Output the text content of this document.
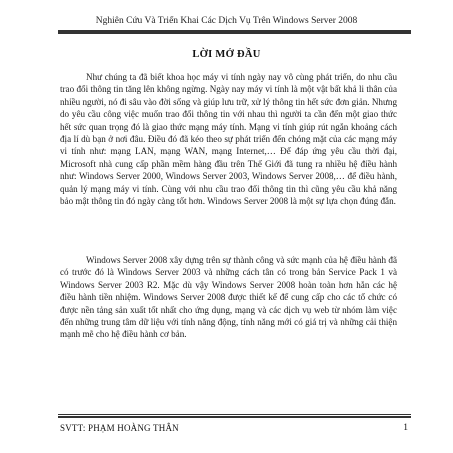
Nghiên Cứu Và Triển Khai Các Dịch Vụ Trên Windows Server 2008
LỜI MỞ ĐẦU

Như chúng ta đã biết khoa học máy vi tính ngày nay vô cùng phát triển, do nhu cầu trao đổi thông tin tăng lên không ngừng. Ngày nay máy vi tính là một vật bất khả li thân của nhiều người, nó đi sâu vào đời sống và giúp lưu trữ, xử lý thông tin hết sức đơn giản. Nhưng do yêu cầu công việc muốn trao đổi thông tin với nhau thì người ta cần đến một giao thức hết sức quan trọng đó là giao thức mạng máy tính. Mạng vi tính giúp rút ngắn khoảng cách địa lí dù bạn ở nơi đâu. Điều đó đã kéo theo sự phát triển đến chóng mặt của các mạng máy vi tính như: mạng LAN, mạng WAN, mạng Internet,… Để đáp ứng yêu cầu thời đại, Microsoft nhà cung cấp phần mềm hàng đầu trên Thế Giới đã tung ra nhiều hệ điều hành như: Windows Server 2000, Windows Server 2003, Windows Server 2008,… để điều hành, quản lý mạng máy vi tính. Cùng với nhu cầu trao đổi thông tin thì cũng yêu cầu khả năng bảo mật thông tin đó ngày càng tốt hơn. Windows Server 2008 là một sự lựa chọn đúng đắn.

Windows Server 2008 xây dựng trên sự thành công và sức mạnh của hệ điều hành đã có trước đó là Windows Server 2003 và những cách tân có trong bản Service Pack 1 và Windows Server 2003 R2. Mặc dù vậy Windows Server 2008 hoàn toàn hơn hẳn các hệ điều hành tiền nhiệm. Windows Server 2008 được thiết kế để cung cấp cho các tổ chức có được nền tảng sản xuất tốt nhất cho ứng dụng, mạng và các dịch vụ web từ nhóm làm việc đến những trung tâm dữ liệu với tính năng động, tính năng mới có giá trị và những cải thiện mạnh mẽ cho hệ điều hành cơ bản.

SVTT: PHẠM HOÀNG THÂN	1
